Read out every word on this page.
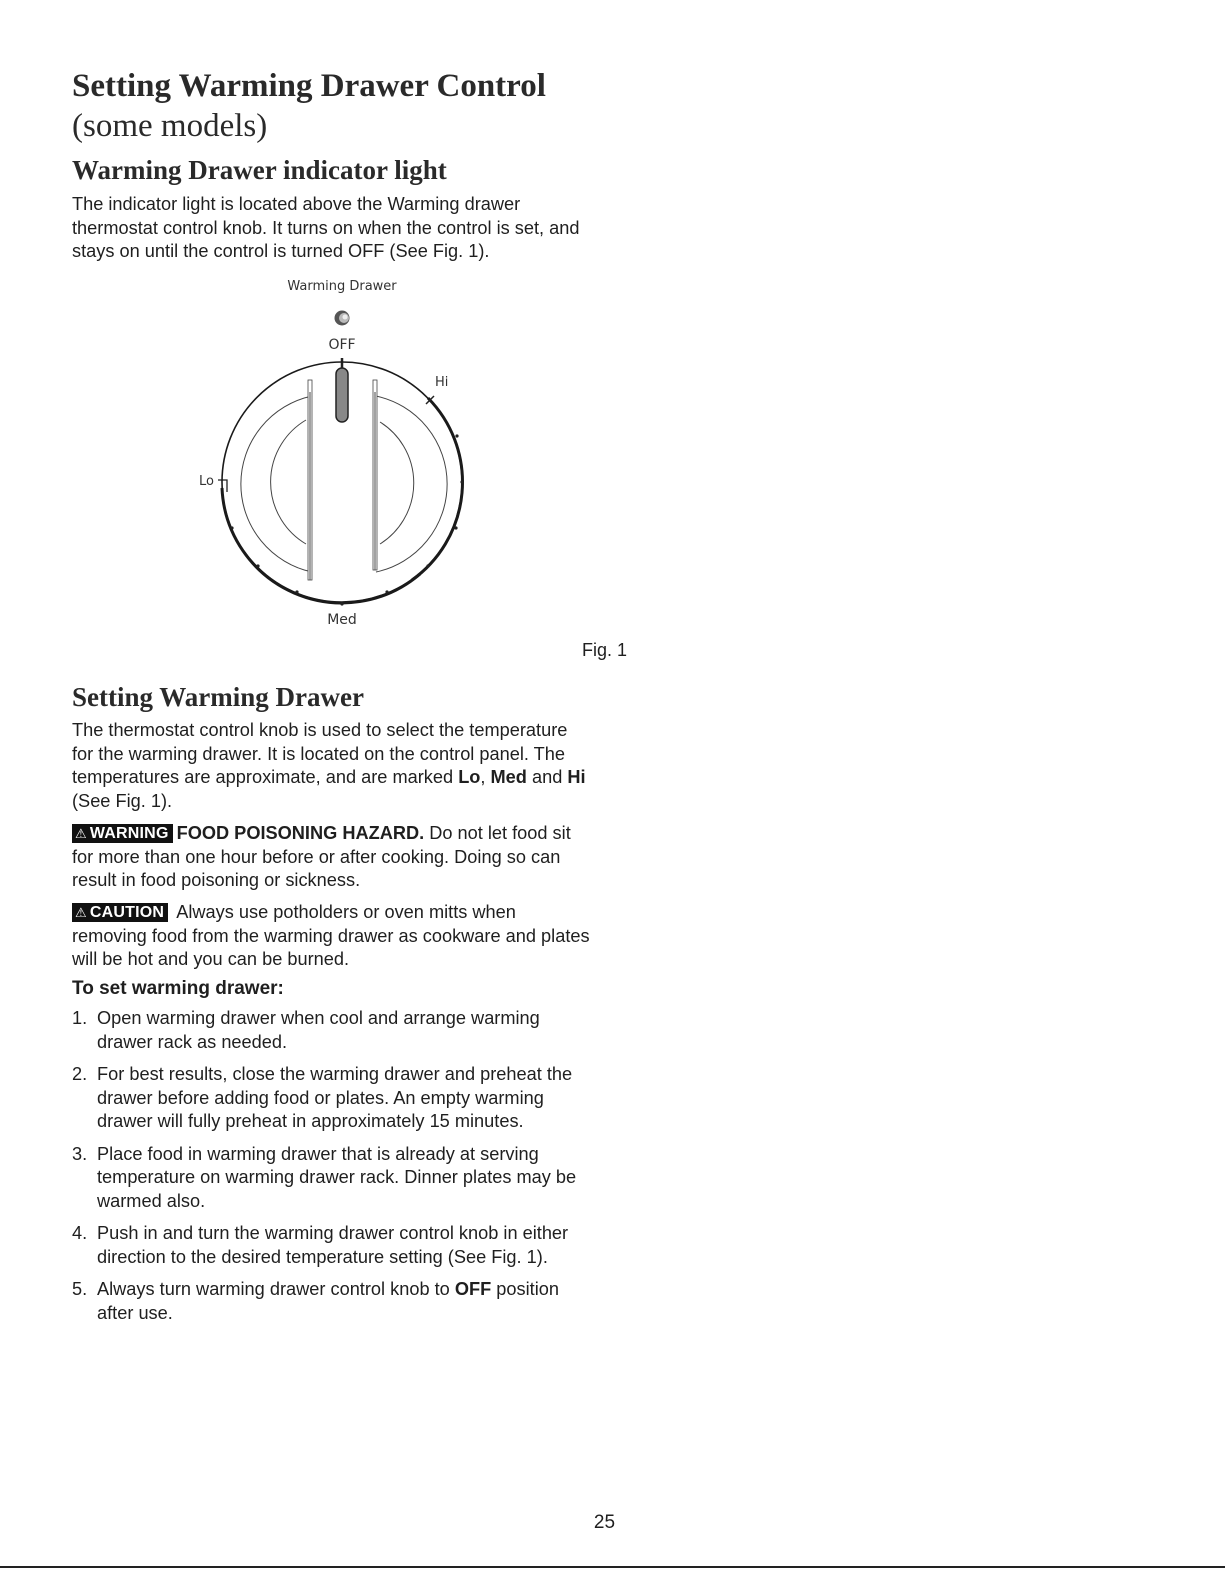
Setting Warming Drawer Control
(some models)
Warming Drawer indicator light

The indicator light is located above the Warming drawer thermostat control knob. It turns on when the control is set, and stays on until the control is turned OFF (See Fig. 1).

Warming Drawer
OFF
Hi
Lo
Med

Fig. 1

Setting Warming Drawer

The thermostat control knob is used to select the temperature for the warming drawer. It is located on the control panel. The temperatures are approximate, and are marked Lo, Med and Hi (See Fig. 1).

⚠ WARNING FOOD POISONING HAZARD. Do not let food sit for more than one hour before or after cooking. Doing so can result in food poisoning or sickness.

⚠ CAUTION Always use potholders or oven mitts when removing food from the warming drawer as cookware and plates will be hot and you can be burned.

To set warming drawer:
1. Open warming drawer when cool and arrange warming drawer rack as needed.
2. For best results, close the warming drawer and preheat the drawer before adding food or plates. An empty warming drawer will fully preheat in approximately 15 minutes.
3. Place food in warming drawer that is already at serving temperature on warming drawer rack. Dinner plates may be warmed also.
4. Push in and turn the warming drawer control knob in either direction to the desired temperature setting (See Fig. 1).
5. Always turn warming drawer control knob to OFF position after use.

25
